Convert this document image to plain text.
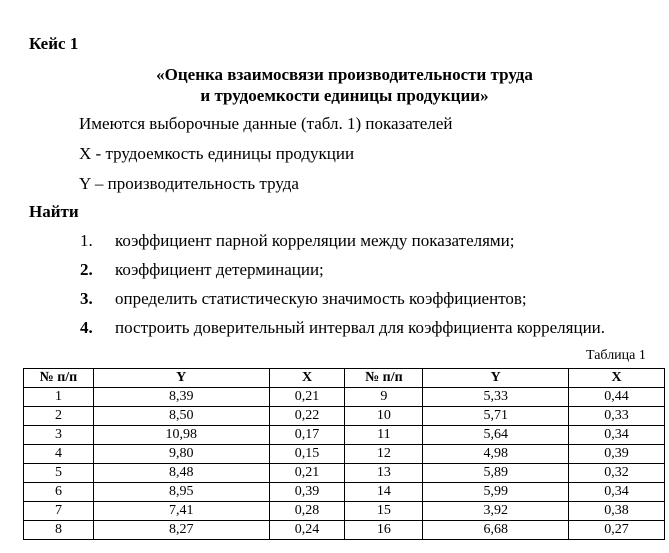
Кейс 1
«Оценка взаимосвязи производительности труда
и трудоемкости единицы продукции»
Имеются выборочные данные (табл. 1) показателей
X - трудоемкость единицы продукции
Y – производительность труда
Найти
1.	коэффициент парной корреляции между показателями;
2.	коэффициент детерминации;
3.	определить статистическую значимость коэффициентов;
4.	построить доверительный интервал для коэффициента корреляции.
Таблица 1
№ п/п	Y	X	№ п/п	Y	X
1	8,39	0,21	9	5,33	0,44
2	8,50	0,22	10	5,71	0,33
3	10,98	0,17	11	5,64	0,34
4	9,80	0,15	12	4,98	0,39
5	8,48	0,21	13	5,89	0,32
6	8,95	0,39	14	5,99	0,34
7	7,41	0,28	15	3,92	0,38
8	8,27	0,24	16	6,68	0,27
